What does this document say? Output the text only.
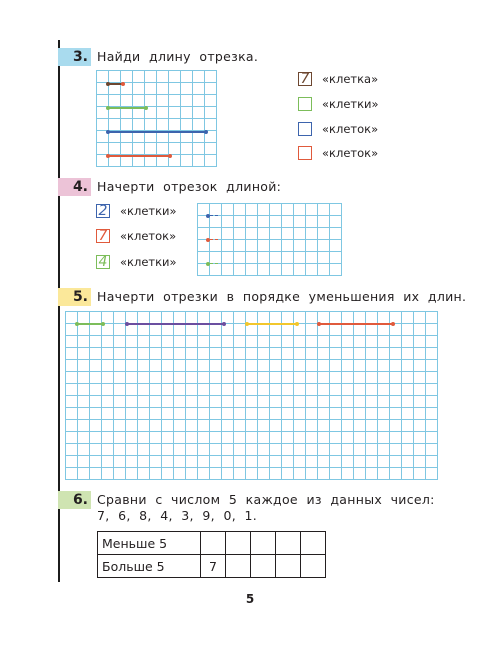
3. Найди  длину  отрезка.
7 «клетка»
«клетки»
«клеток»
«клеток»
4. Начерти  отрезок  длиной:
2 «клетки»
7 «клеток»
4 «клетки»
5. Начерти  отрезки  в  порядке  уменьшения  их  длин.
6. Сравни  с  числом  5  каждое  из  данных  чисел:
7,  6,  8,  4,  3,  9,  0,  1.
Меньше 5					
Больше 5	7				
5
